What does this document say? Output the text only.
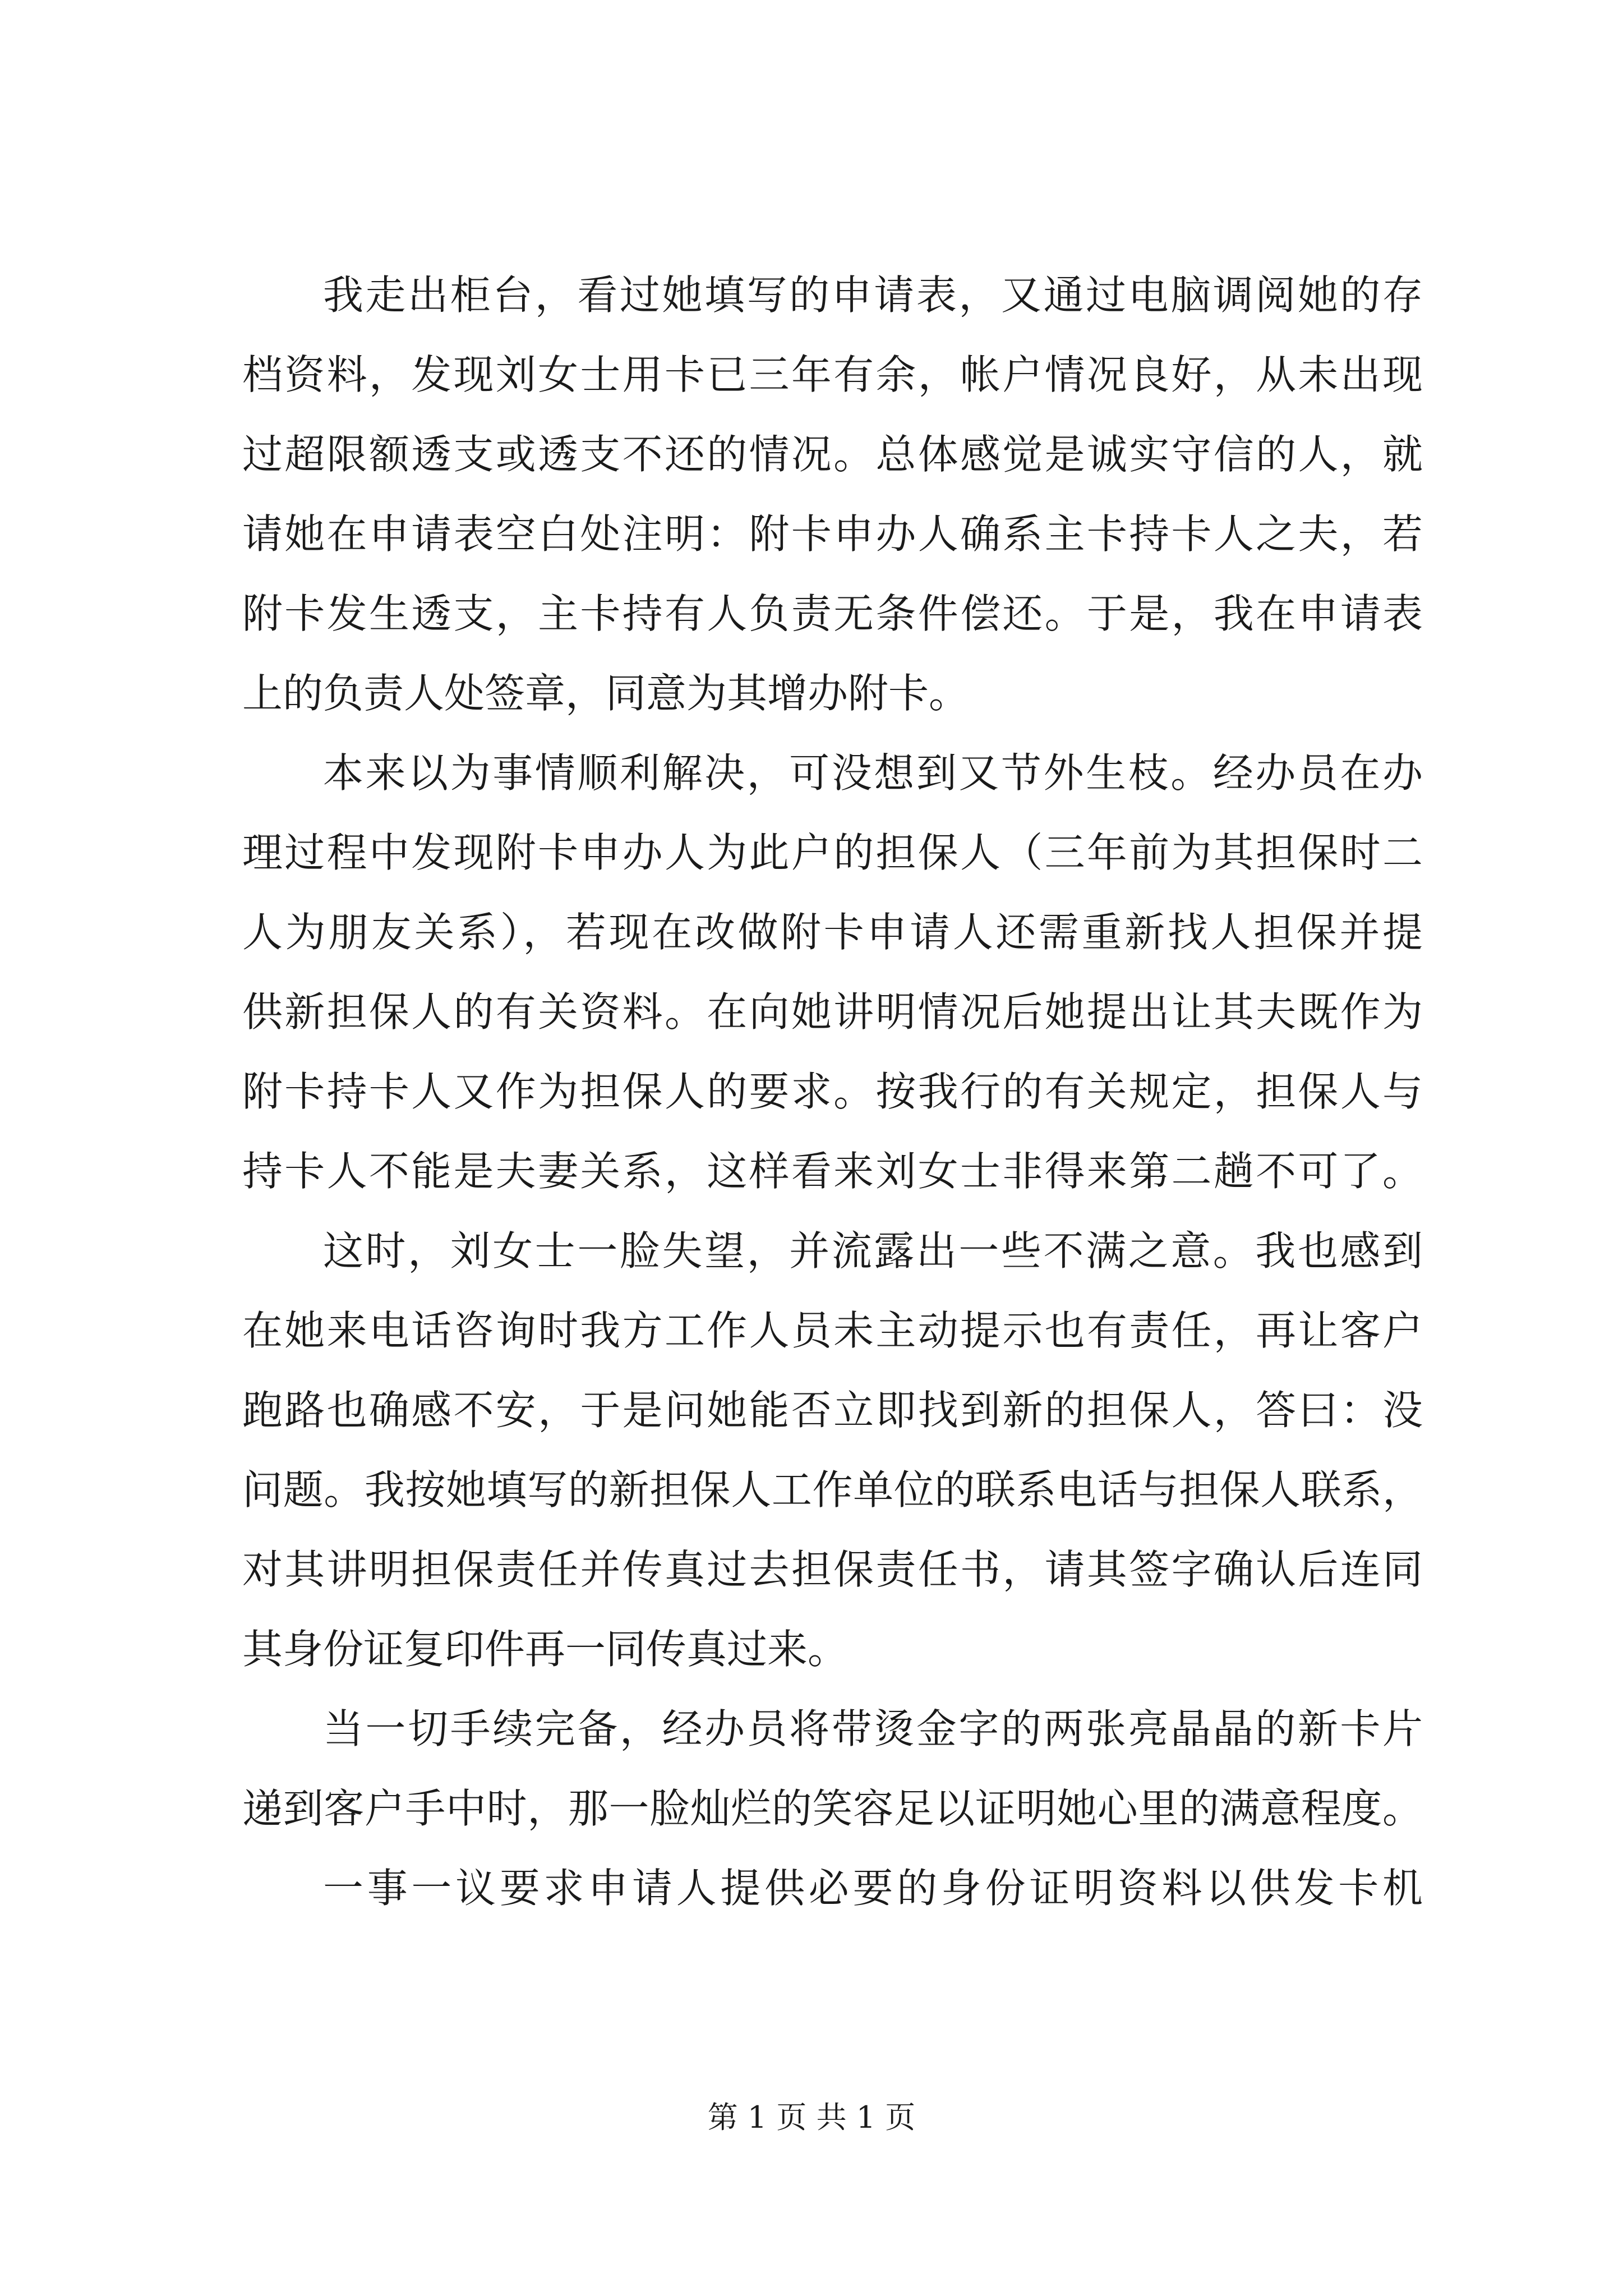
我走出柜台，看过她填写的申请表，又通过电脑调阅她的存
档资料，发现刘女士用卡已三年有余，帐户情况良好，从未出现
过超限额透支或透支不还的情况。总体感觉是诚实守信的人，就
请她在申请表空白处注明：附卡申办人确系主卡持卡人之夫，若
附卡发生透支，主卡持有人负责无条件偿还。于是，我在申请表
上的负责人处签章，同意为其增办附卡。
本来以为事情顺利解决，可没想到又节外生枝。经办员在办
理过程中发现附卡申办人为此户的担保人（三年前为其担保时二
人为朋友关系），若现在改做附卡申请人还需重新找人担保并提
供新担保人的有关资料。在向她讲明情况后她提出让其夫既作为
附卡持卡人又作为担保人的要求。按我行的有关规定，担保人与
持卡人不能是夫妻关系，这样看来刘女士非得来第二趟不可了。
这时，刘女士一脸失望，并流露出一些不满之意。我也感到
在她来电话咨询时我方工作人员未主动提示也有责任，再让客户
跑路也确感不安，于是问她能否立即找到新的担保人，答曰：没
问题。我按她填写的新担保人工作单位的联系电话与担保人联系，
对其讲明担保责任并传真过去担保责任书，请其签字确认后连同
其身份证复印件再一同传真过来。
当一切手续完备，经办员将带烫金字的两张亮晶晶的新卡片
递到客户手中时，那一脸灿烂的笑容足以证明她心里的满意程度。
一事一议要求申请人提供必要的身份证明资料以供发卡机
第 1 页 共 1 页
